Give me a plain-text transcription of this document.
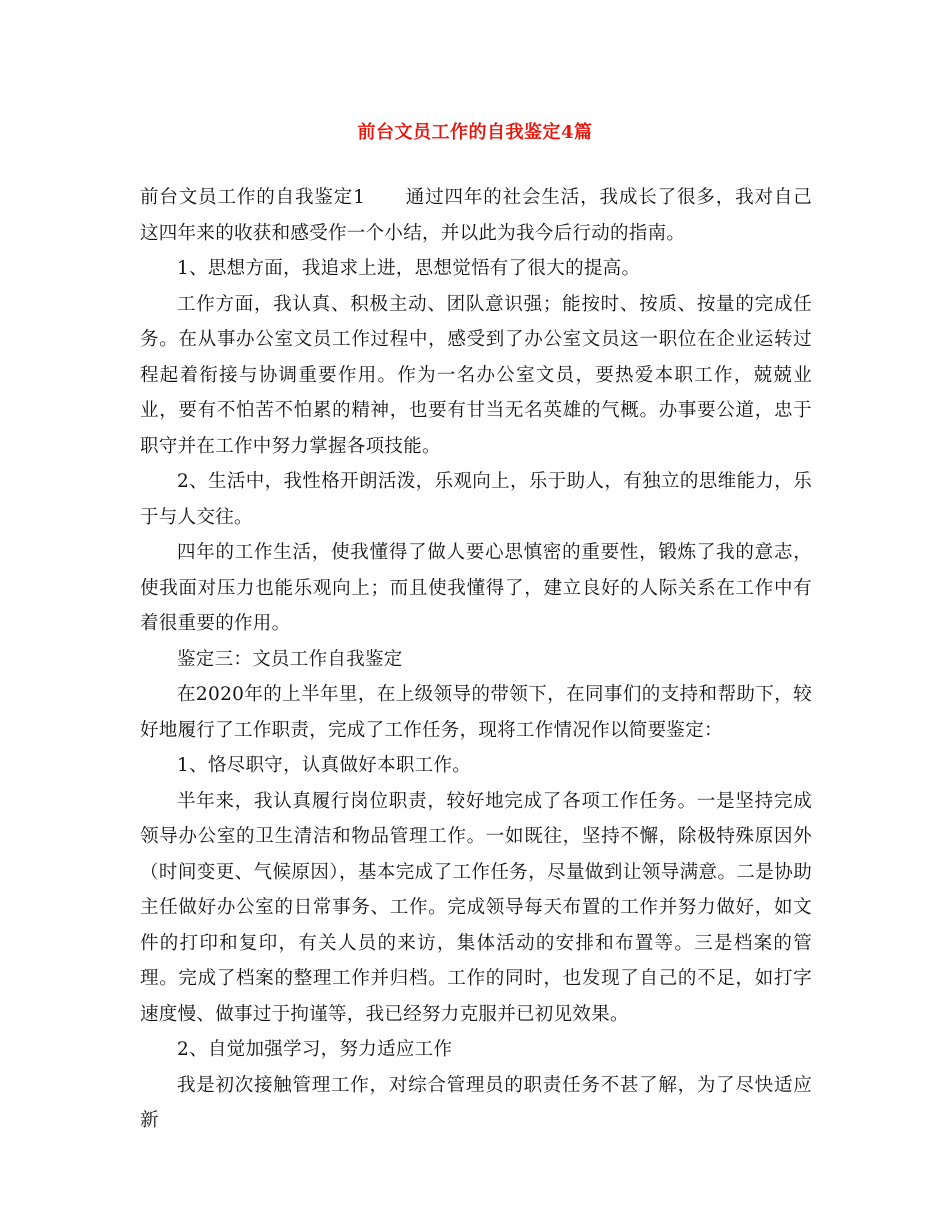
前台文员工作的自我鉴定4篇

前台文员工作的自我鉴定1 通过四年的社会生活，我成长了很多，我对自己这四年来的收获和感受作一个小结，并以此为我今后行动的指南。

1、思想方面，我追求上进，思想觉悟有了很大的提高。

工作方面，我认真、积极主动、团队意识强；能按时、按质、按量的完成任务。在从事办公室文员工作过程中，感受到了办公室文员这一职位在企业运转过程起着衔接与协调重要作用。作为一名办公室文员，要热爱本职工作，兢兢业业，要有不怕苦不怕累的精神，也要有甘当无名英雄的气概。办事要公道，忠于职守并在工作中努力掌握各项技能。

2、生活中，我性格开朗活泼，乐观向上，乐于助人，有独立的思维能力，乐于与人交往。

四年的工作生活，使我懂得了做人要心思慎密的重要性，锻炼了我的意志，使我面对压力也能乐观向上；而且使我懂得了，建立良好的人际关系在工作中有着很重要的作用。

鉴定三：文员工作自我鉴定

在2020年的上半年里，在上级领导的带领下，在同事们的支持和帮助下，较好地履行了工作职责，完成了工作任务，现将工作情况作以简要鉴定：

1、恪尽职守，认真做好本职工作。

半年来，我认真履行岗位职责，较好地完成了各项工作任务。一是坚持完成领导办公室的卫生清洁和物品管理工作。一如既往，坚持不懈，除极特殊原因外（时间变更、气候原因），基本完成了工作任务，尽量做到让领导满意。二是协助主任做好办公室的日常事务、工作。完成领导每天布置的工作并努力做好，如文件的打印和复印，有关人员的来访，集体活动的安排和布置等。三是档案的管理。完成了档案的整理工作并归档。工作的同时，也发现了自己的不足，如打字速度慢、做事过于拘谨等，我已经努力克服并已初见效果。

2、自觉加强学习，努力适应工作

我是初次接触管理工作，对综合管理员的职责任务不甚了解，为了尽快适应新
